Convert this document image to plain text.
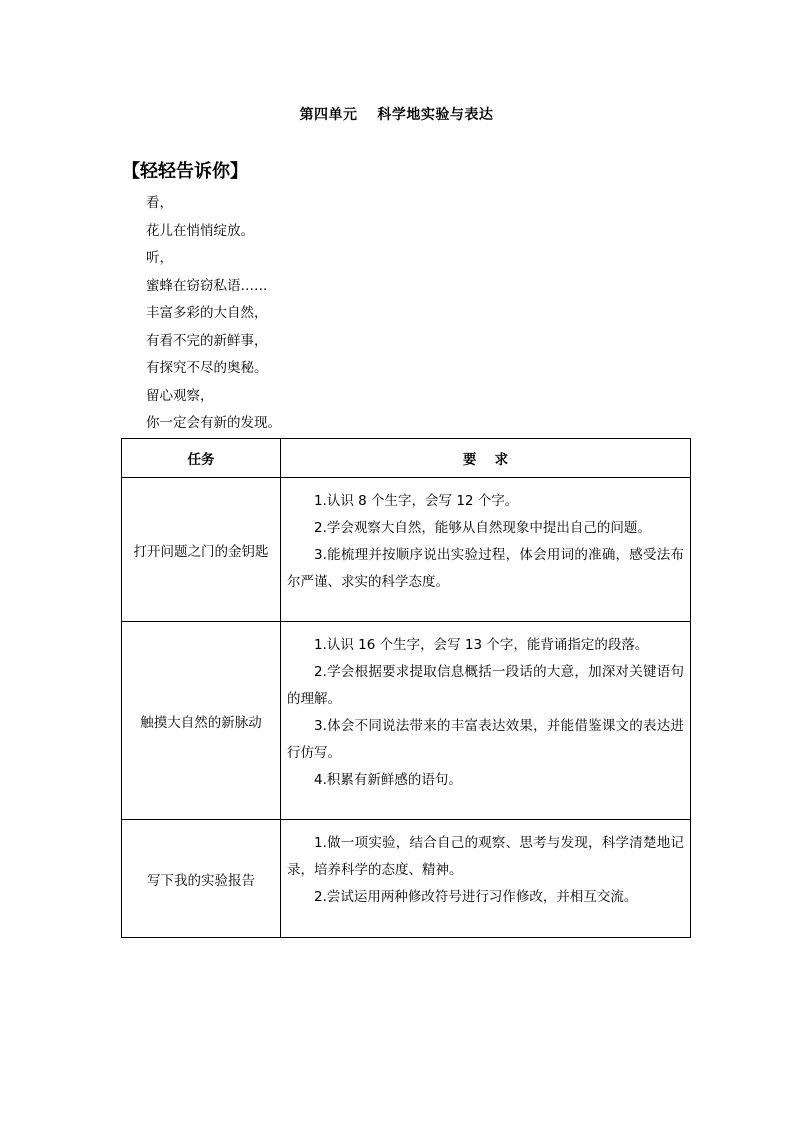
第四单元　 科学地实验与表达
【轻轻告诉你】
看，
花儿在悄悄绽放。
听，
蜜蜂在窃窃私语……
丰富多彩的大自然，
有看不完的新鲜事，
有探究不尽的奥秘。
留心观察，
你一定会有新的发现。
任务	要　 求
打开问题之门的金钥匙	1.认识 8 个生字，会写 12 个字。
2.学会观察大自然，能够从自然现象中提出自己的问题。
3.能梳理并按顺序说出实验过程，体会用词的准确，感受法布尔严谨、求实的科学态度。

触摸大自然的新脉动	1.认识 16 个生字，会写 13 个字，能背诵指定的段落。
2.学会根据要求提取信息概括一段话的大意，加深对关键语句的理解。
3.体会不同说法带来的丰富表达效果，并能借鉴课文的表达进行仿写。
4.积累有新鲜感的语句。

写下我的实验报告	1.做一项实验，结合自己的观察、思考与发现，科学清楚地记录，培养科学的态度、精神。
2.尝试运用两种修改符号进行习作修改，并相互交流。
